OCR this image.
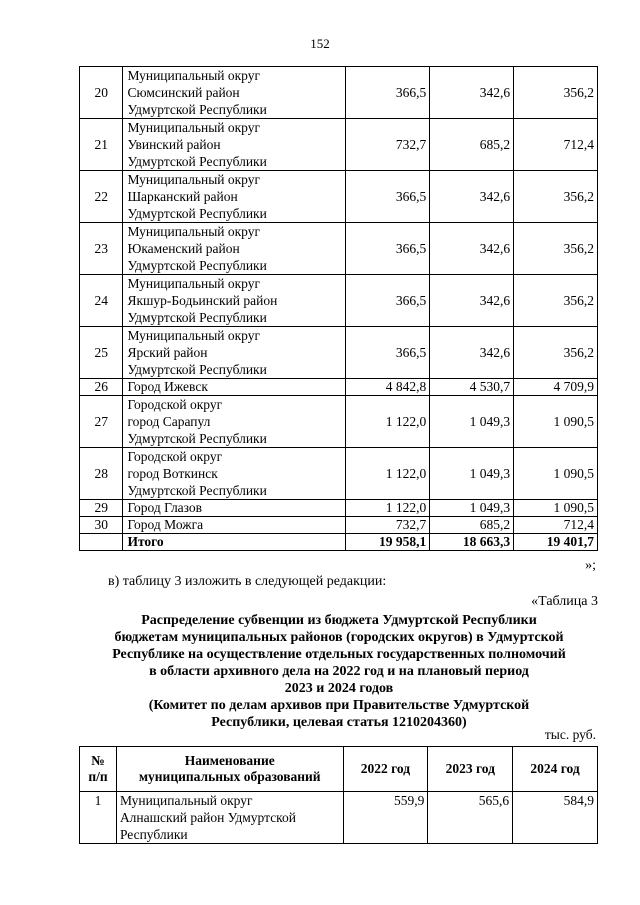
152
20	Муниципальный округ
Сюмсинский район
Удмуртской Республики	366,5	342,6	356,2
21	Муниципальный округ
Увинский район
Удмуртской Республики	732,7	685,2	712,4
22	Муниципальный округ
Шарканский район
Удмуртской Республики	366,5	342,6	356,2
23	Муниципальный округ
Юкаменский район
Удмуртской Республики	366,5	342,6	356,2
24	Муниципальный округ
Якшур-Бодьинский район
Удмуртской Республики	366,5	342,6	356,2
25	Муниципальный округ
Ярский район
Удмуртской Республики	366,5	342,6	356,2
26	Город Ижевск	4 842,8	4 530,7	4 709,9
27	Городской округ
город Сарапул
Удмуртской Республики	1 122,0	1 049,3	1 090,5
28	Городской округ
город Воткинск
Удмуртской Республики	1 122,0	1 049,3	1 090,5
29	Город Глазов	1 122,0	1 049,3	1 090,5
30	Город Можга	732,7	685,2	712,4
	Итого	19 958,1	18 663,3	19 401,7
»;
в) таблицу 3 изложить в следующей редакции:
«Таблица 3
Распределение субвенции из бюджета Удмуртской Республики
бюджетам муниципальных районов (городских округов) в Удмуртской
Республике на осуществление отдельных государственных полномочий
в области архивного дела на 2022 год и на плановый период
2023 и 2024 годов
(Комитет по делам архивов при Правительстве Удмуртской
Республики, целевая статья 1210204360)
тыс. руб.
№
п/п	Наименование
муниципальных образований	2022 год	2023 год	2024 год
1	Муниципальный округ
Алнашский район Удмуртской
Республики	559,9	565,6	584,9
